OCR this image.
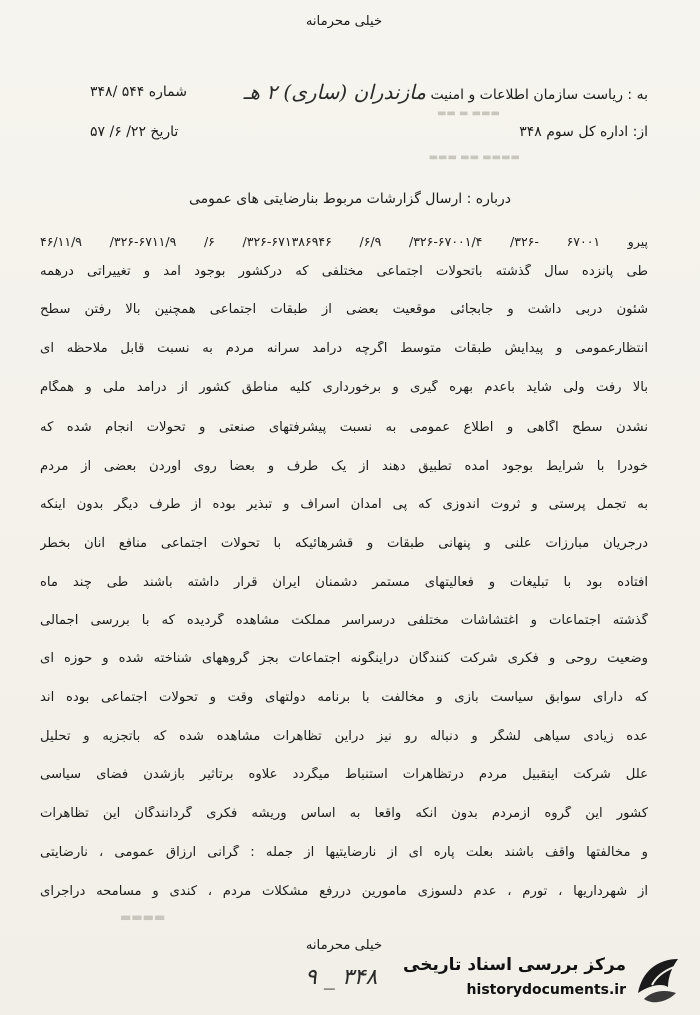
خیلی محرمانه
به : ریاست سازمان اطلاعات و امنیت مازندران (ساری) ۲ هـ
شماره ۵۴۴ /۳۴۸
از: اداره کل سوم ۳۴۸
تاریخ ۲۲/ ۶/ ۵۷
▬▬▬ ▬ ▬▬
▬▬▬▬ ▬▬ ▬▬▬
درباره : ارسال گزارشات مربوط بنارضایتی های عمومی
پیرو ۶۷۰۰۱ -۳۲۶/ ۶۷۰۰۱/۴-۳۲۶/ ۶/۹/ ۶۷۱۳۸۶۹۴۶-۳۲۶/ ۶/ ۶۷۱۱/۹-۳۲۶/ ۴۶/۱۱/۹
طی پانزده سال گذشته باتحولات اجتماعی مختلفی که درکشور بوجود آمد و تغییراتی درهمه
شئون دربی داشت و جابجائی موقعیت بعضی از طبقات اجتماعی همچنین بالا رفتن سطح
انتظارعمومی و پیدایش طبقات متوسط اگرچه درآمد سرانه مردم به نسبت قابل ملاحظه ای
بالا رفت ولی شاید باعدم بهره گیری و برخورداری کلیه مناطق کشور از درآمد ملی و همگام
نشدن سطح آگاهی و اطلاع عمومی به نسبت پیشرفتهای صنعتی و تحولات انجام شده که
خودرا با شرایط بوجود آمده تطبیق دهند از یک طرف و بعضاً روی آوردن بعضی از مردم
به تجمل پرستی و ثروت اندوزی که پی آمدآن اسراف و تبذیر بوده از طرف دیگر بدون اینکه
درجریان مبارزات علنی و پنهانی طبقات و قشرهائیکه با تحولات اجتماعی منافع آنان بخطر
افتاده بود با تبلیغات و فعالیتهای مستمر دشمنان ایران قرار داشته باشند طی چند ماه
گذشته اجتماعات و اغتشاشات مختلفی درسراسر مملکت مشاهده گردیده که با بررسی اجمالی
وضعیت روحی و فکری شرکت کنندگان دراینگونه اجتماعات بجز گروههای شناخته شده و حوزه ای
که دارای سوابق سیاست بازی و مخالفت با برنامه دولتهای وقت و تحولات اجتماعی بوده اند
عده زیادی سیاهی لشگر و دنباله رو نیز دراین تظاهرات مشاهده شده که باتجزیه و تحلیل
علل شرکت اینقبیل مردم درتظاهرات استنباط میگردد علاوه برتاثیر بازشدن فضای سیاسی
کشور این گروه ازمردم بدون آنکه واقعاً به اساس وریشه فکری گردانندگان این تظاهرات
و مخالفتها واقف باشند بعلت پاره ای از نارضایتیها از جمله : گرانی ارزاق عمومی ، نارضایتی
از شهرداریها ، تورم ، عدم دلسوزی مامورین دررفع مشکلات مردم ، کندی و مسامحه دراجرای
▬▬▬▬
خیلی محرمانه
۳۴۸ _ ۹ مرکز بررسی اسناد تاریخی
historydocuments.ir
